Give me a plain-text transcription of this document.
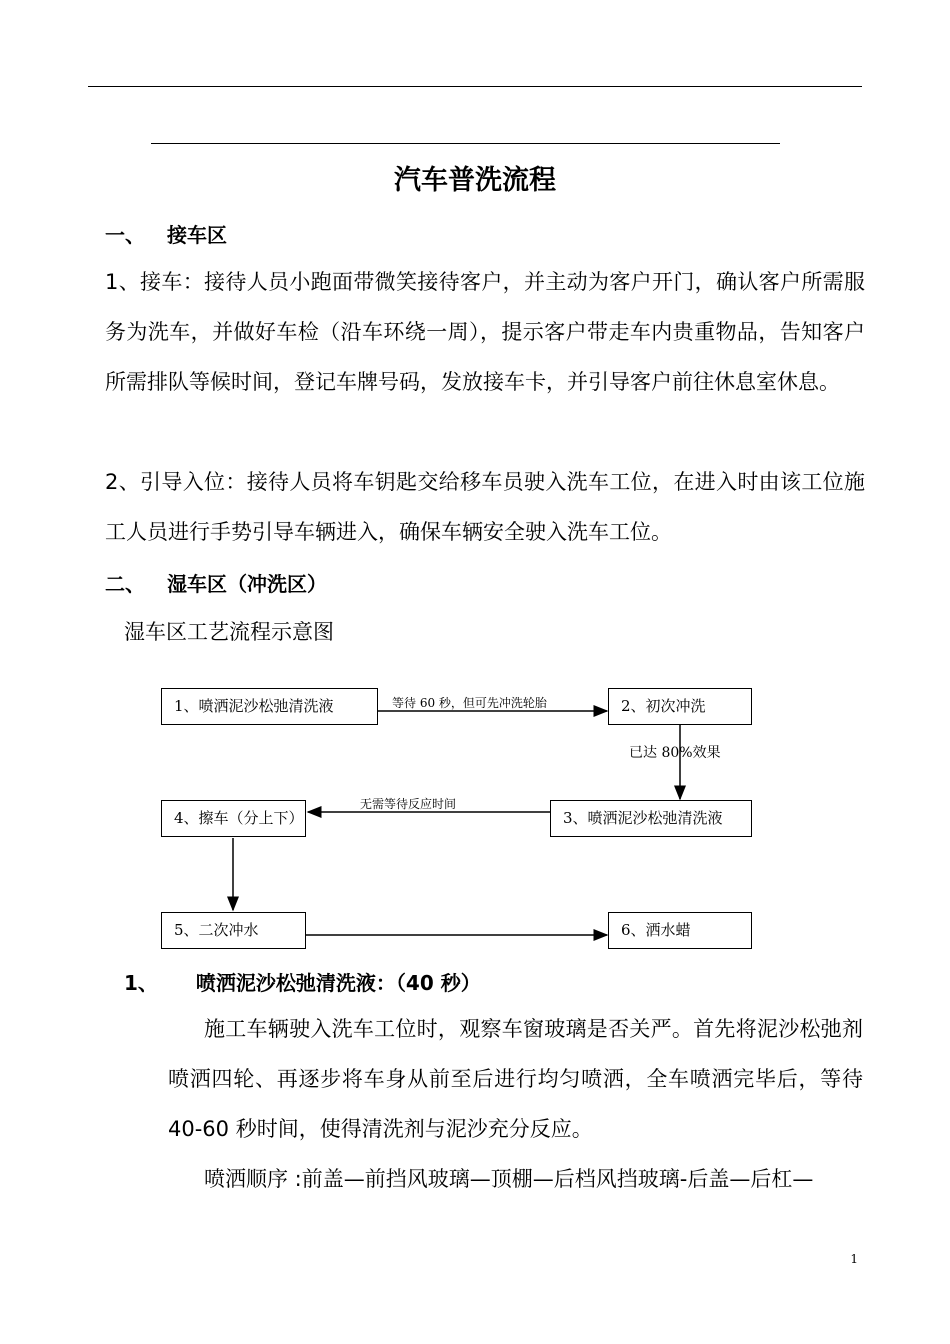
汽车普洗流程
一、 接车区
1、接车：接待人员小跑面带微笑接待客户，并主动为客户开门，确认客户所需服务为洗车，并做好车检（沿车环绕一周），提示客户带走车内贵重物品，告知客户所需排队等候时间，登记车牌号码，发放接车卡，并引导客户前往休息室休息。
2、引导入位：接待人员将车钥匙交给移车员驶入洗车工位，在进入时由该工位施工人员进行手势引导车辆进入，确保车辆安全驶入洗车工位。
二、 湿车区（冲洗区）
湿车区工艺流程示意图
1、喷洒泥沙松弛清洗液	2、初次冲洗
3、喷洒泥沙松弛清洗液
4、擦车（分上下）
5、二次冲水	6、洒水蜡
等待 60 秒，但可先冲洗轮胎
已达 80%效果
无需等待反应时间
1、 喷洒泥沙松弛清洗液：（40 秒）
施工车辆驶入洗车工位时，观察车窗玻璃是否关严。首先将泥沙松弛剂喷洒四轮、再逐步将车身从前至后进行均匀喷洒，全车喷洒完毕后，等待 40-60 秒时间，使得清洗剂与泥沙充分反应。
喷洒顺序 :前盖—前挡风玻璃—顶棚—后档风挡玻璃-后盖—后杠—
1
